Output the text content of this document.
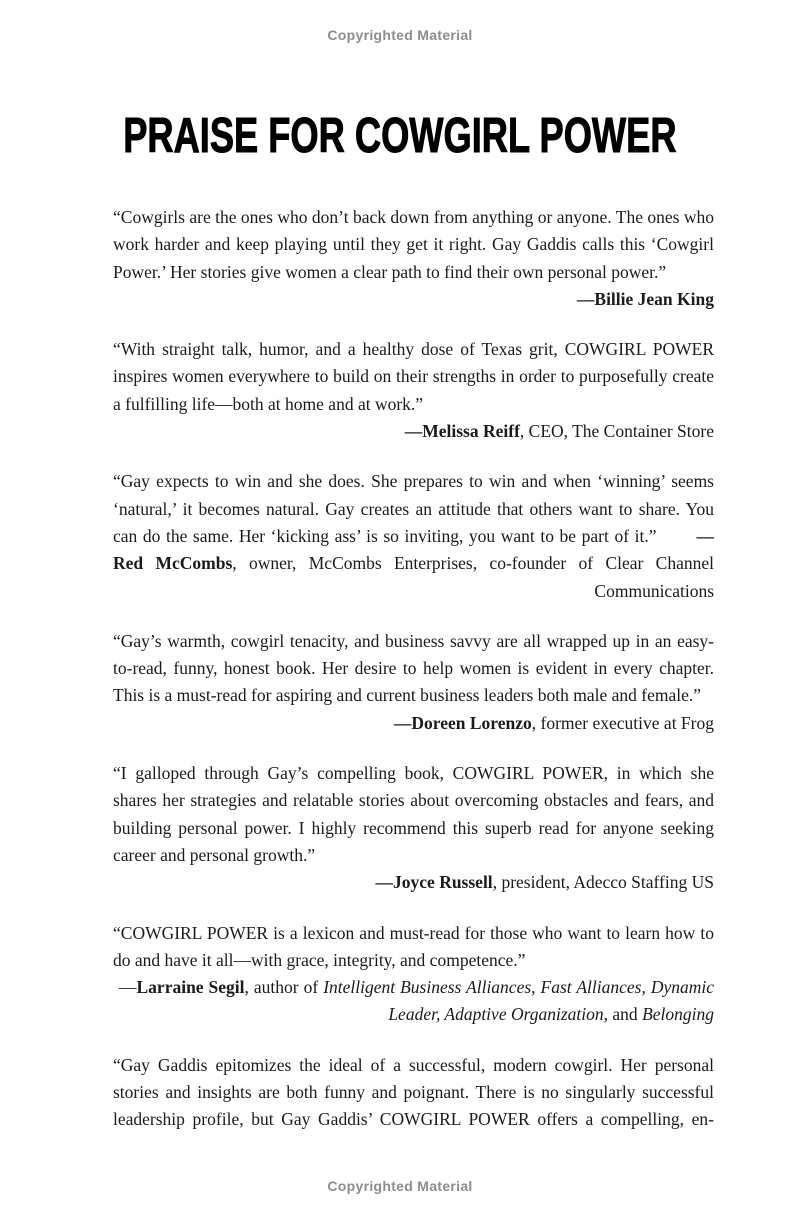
Copyrighted Material
PRAISE FOR COWGIRL POWER

“Cowgirls are the ones who don’t back down from anything or anyone. The ones who work harder and keep playing until they get it right. Gay Gaddis calls this ‘Cowgirl Power.’ Her stories give women a clear path to find their own personal power.”
—Billie Jean King

“With straight talk, humor, and a healthy dose of Texas grit, COWGIRL POWER inspires women everywhere to build on their strengths in order to purposefully create a fulfilling life—both at home and at work.”

—Melissa Reiff, CEO, The Container Store

“Gay expects to win and she does. She prepares to win and when ‘winning’ seems ‘natural,’ it becomes natural. Gay creates an attitude that others want to share. You can do the same. Her ‘kicking ass’ is so inviting, you want to be part of it.” —Red McCombs, owner, McCombs Enterprises, co-founder of Clear Channel Communications

“Gay’s warmth, cowgirl tenacity, and business savvy are all wrapped up in an easy-to-read, funny, honest book. Her desire to help women is evident in every chapter. This is a must-read for aspiring and current business leaders both male and female.”
—Doreen Lorenzo, former executive at Frog

“I galloped through Gay’s compelling book, COWGIRL POWER, in which she shares her strategies and relatable stories about overcoming obstacles and fears, and building personal power. I highly recommend this superb read for anyone seeking career and personal growth.”

—Joyce Russell, president, Adecco Staffing US

“COWGIRL POWER is a lexicon and must-read for those who want to learn how to do and have it all—with grace, integrity, and competence.”

—Larraine Segil, author of Intelligent Business Alliances, Fast Alliances, Dynamic Leader, Adaptive Organization, and Belonging

“Gay Gaddis epitomizes the ideal of a successful, modern cowgirl. Her personal stories and insights are both funny and poignant. There is no singularly successful leadership profile, but Gay Gaddis’ COWGIRL POWER offers a compelling, en-

Copyrighted Material
